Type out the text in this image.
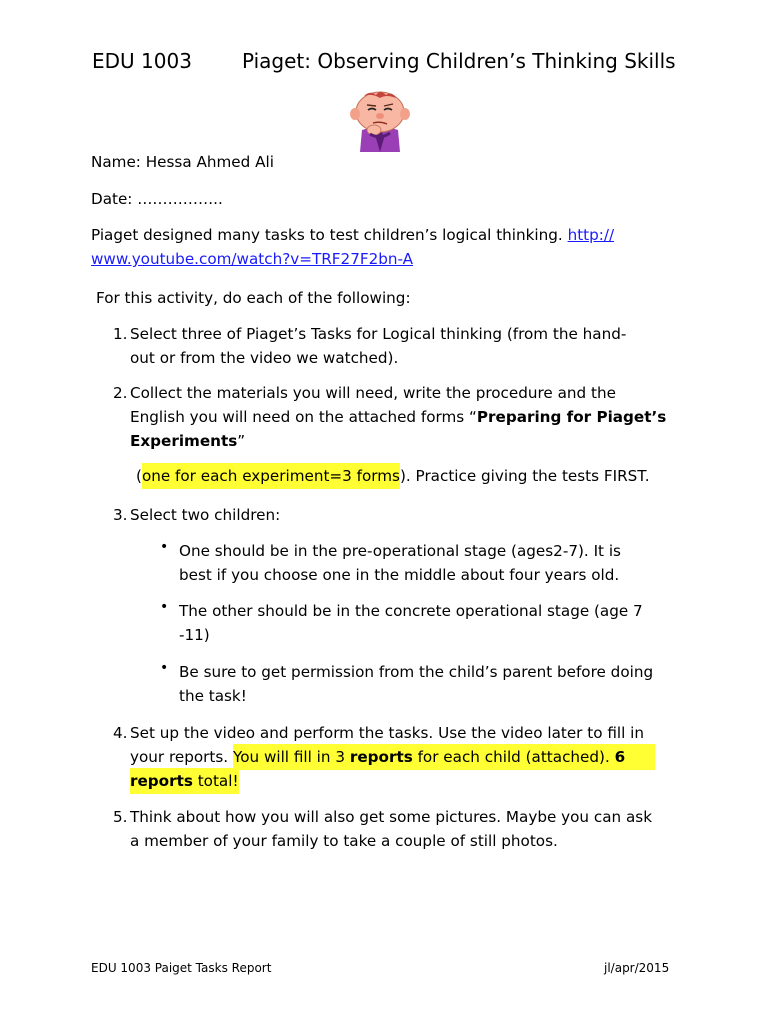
EDU 1003	Piaget: Observing Children’s Thinking Skills
Name: Hessa Ahmed Ali
Date: ……………..
Piaget designed many tasks to test children’s logical thinking. http://
www.youtube.com/watch?v=TRF27F2bn-A
For this activity, do each of the following:
1. Select three of Piaget’s Tasks for Logical thinking (from the hand-
out or from the video we watched).
2. Collect the materials you will need, write the procedure and the
English you will need on the attached forms “Preparing for Piaget’s
Experiments”
(one for each experiment=3 forms). Practice giving the tests FIRST.
3. Select two children:
• One should be in the pre-operational stage (ages2-7). It is
best if you choose one in the middle about four years old.
• The other should be in the concrete operational stage (age 7
-11)
• Be sure to get permission from the child’s parent before doing
the task!
4. Set up the video and perform the tasks. Use the video later to fill in
your reports. You will fill in 3 reports for each child (attached). 6
reports total!
5. Think about how you will also get some pictures. Maybe you can ask
a member of your family to take a couple of still photos.
EDU 1003 Paiget Tasks Report	jl/apr/2015
